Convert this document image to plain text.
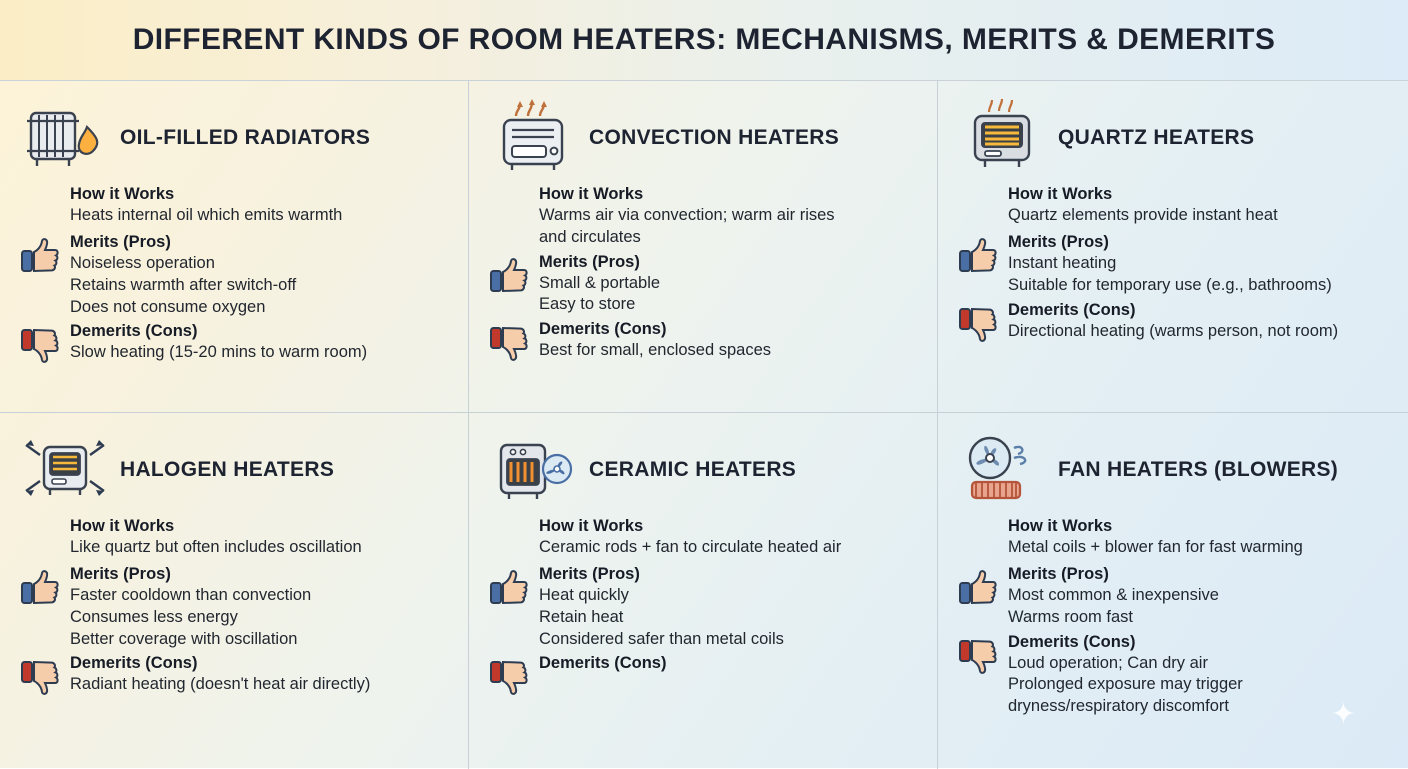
DIFFERENT KINDS OF ROOM HEATERS: MECHANISMS, MERITS & DEMERITS
OIL-FILLED RADIATORS
How it Works
Heats internal oil which emits warmth
Merits (Pros)
Noiseless operation
Retains warmth after switch-off
Does not consume oxygen
Demerits (Cons)
Slow heating (15-20 mins to warm room)
CONVECTION HEATERS
How it Works
Warms air via convection; warm air rises
and circulates
Merits (Pros)
Small & portable
Easy to store
Demerits (Cons)
Best for small, enclosed spaces
QUARTZ HEATERS
How it Works
Quartz elements provide instant heat
Merits (Pros)
Instant heating
Suitable for temporary use (e.g., bathrooms)
Demerits (Cons)
Directional heating (warms person, not room)
HALOGEN HEATERS
How it Works
Like quartz but often includes oscillation
Merits (Pros)
Faster cooldown than convection
Consumes less energy
Better coverage with oscillation
Demerits (Cons)
Radiant heating (doesn't heat air directly)
CERAMIC HEATERS
How it Works
Ceramic rods + fan to circulate heated air
Merits (Pros)
Heat quickly
Retain heat
Considered safer than metal coils
Demerits (Cons)
FAN HEATERS (BLOWERS)
How it Works
Metal coils + blower fan for fast warming
Merits (Pros)
Most common & inexpensive
Warms room fast
Demerits (Cons)
Loud operation; Can dry air
Prolonged exposure may trigger
dryness/respiratory discomfort	✦
